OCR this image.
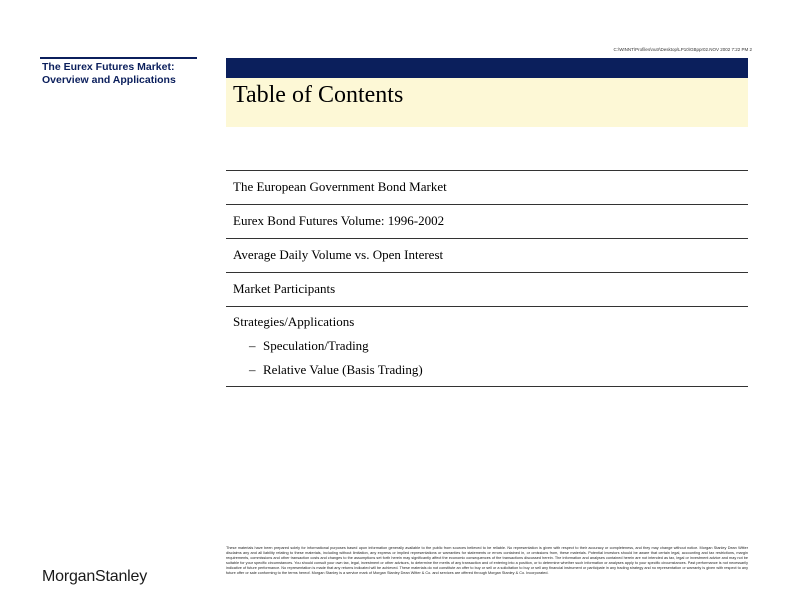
C:\WINNT\Profiles\nutr\Desktop\LP10\GBppr02.NOV 2002 7:22 PM 2
The Eurex Futures Market:
Overview and Applications
Table of Contents
The European Government Bond Market
Eurex Bond Futures Volume: 1996-2002
Average Daily Volume vs. Open Interest
Market Participants
Strategies/Applications
– Speculation/Trading
– Relative Value (Basis Trading)
These materials have been prepared solely for informational purposes based upon information generally available to the public from sources believed to be reliable. No representation is given with respect to their accuracy or completeness, and they may change without notice. Morgan Stanley Dean Witter disclaims any and all liability relating to these materials, including without limitation, any express or implied representations or warranties for statements or errors contained in, or omissions from, these materials. Potential investors should be aware that certain legal, accounting and tax restrictions, margin requirements, commissions and other transaction costs and changes to the assumptions set forth herein may significantly affect the economic consequences of the transactions discussed herein. The information and analyses contained herein are not intended as tax, legal or investment advice and may not be suitable for your specific circumstances. You should consult your own tax, legal, investment or other advisors, to determine the merits of any transaction and of entering into a position, or to determine whether such information or analyses apply to your specific circumstances. Past performance is not necessarily indicative of future performance. No representation is made that any returns indicated will be achieved. These materials do not constitute an offer to buy or sell or a solicitation to buy or sell any financial instrument or participate in any trading strategy and no representation or warranty is given with respect to any future offer or sale conforming to the terms hereof. Morgan Stanley is a service mark of Morgan Stanley Dean Witter & Co. and services are offered through Morgan Stanley & Co. Incorporated.
MorganStanley
